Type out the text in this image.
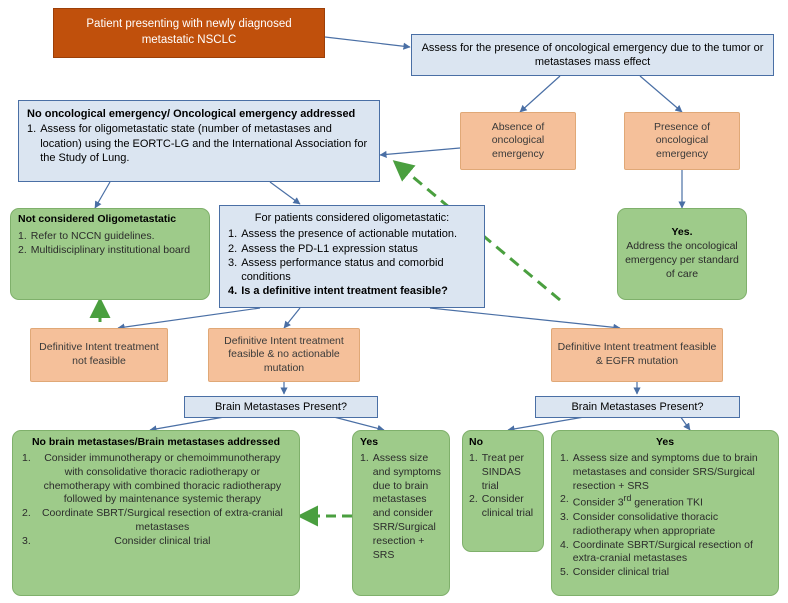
Patient presenting with newly diagnosed metastatic NSCLC
Assess for the presence of oncological emergency due to the tumor or metastases mass effect
Absence of oncological emergency
Presence of oncological emergency
No oncological emergency/ Oncological emergency addressed
1.	Assess for oligometastatic state (number of metastases and location) using the EORTC-LG and the International Association for the Study of Lung.
Yes.
Address the oncological emergency per standard of care
Not considered Oligometastatic
1.	Refer to NCCN guidelines.
2.	Multidisciplinary institutional board
For patients considered oligometastatic:
1.	Assess the presence of actionable mutation.
2.	Assess the PD-L1 expression status
3.	Assess performance status and comorbid conditions
4.	Is a definitive intent treatment feasible?
Definitive Intent treatment not feasible
Definitive Intent treatment feasible & no actionable mutation
Definitive Intent treatment feasible & EGFR mutation
Brain Metastases Present?	Brain Metastases Present?
No brain metastases/Brain metastases addressed
1.	Consider immunotherapy or chemoimmunotherapy with consolidative thoracic radiotherapy or chemotherapy with combined thoracic radiotherapy followed by maintenance systemic therapy
2.	Coordinate SBRT/Surgical resection of extra-cranial metastases
3.	Consider clinical trial
Yes
1.	Assess size and symptoms due to brain metastases and consider SRR/Surgical resection + SRS
No
1.	Treat per SINDAS trial
2.	Consider clinical trial
Yes
1.	Assess size and symptoms due to brain metastases and consider SRS/Surgical resection + SRS
2.	Consider 3rd generation TKI
3.	Consider consolidative thoracic radiotherapy when appropriate
4.	Coordinate SBRT/Surgical resection of extra-cranial metastases
5.	Consider clinical trial
